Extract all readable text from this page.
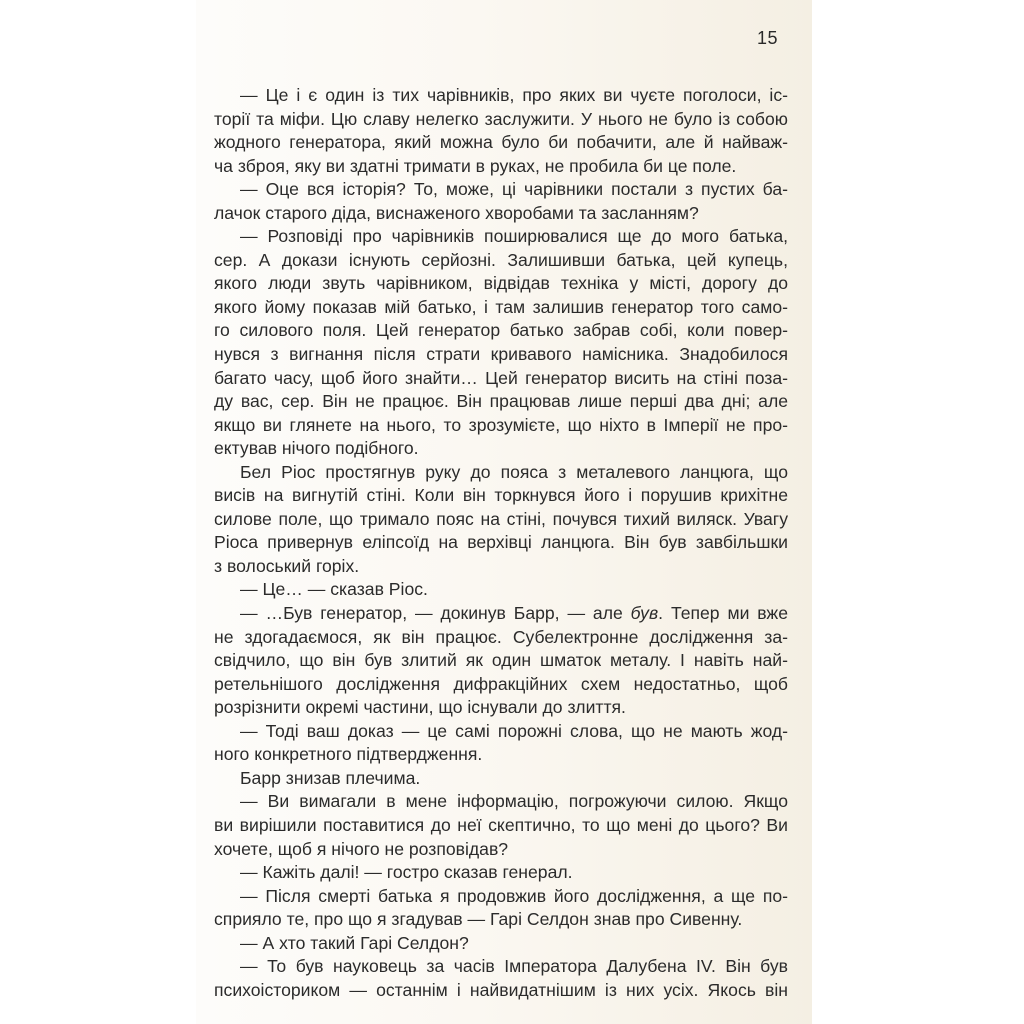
15
— Це і є один із тих чарівників, про яких ви чуєте поголоси, іс-
торії та міфи. Цю славу нелегко заслужити. У нього не було із собою
жодного генератора, який можна було би побачити, але й найваж-
ча зброя, яку ви здатні тримати в руках, не пробила би це поле.
— Оце вся історія? То, може, ці чарівники постали з пустих ба-
лачок старого діда, виснаженого хворобами та засланням?
— Розповіді про чарівників поширювалися ще до мого батька,
сер. А докази існують серйозні. Залишивши батька, цей купець,
якого люди звуть чарівником, відвідав техніка у місті, дорогу до
якого йому показав мій батько, і там залишив генератор того само-
го силового поля. Цей генератор батько забрав собі, коли повер-
нувся з вигнання після страти кривавого намісника. Знадобилося
багато часу, щоб його знайти… Цей генератор висить на стіні поза-
ду вас, сер. Він не працює. Він працював лише перші два дні; але
якщо ви глянете на нього, то зрозумієте, що ніхто в Імперії не про-
ектував нічого подібного.
Бел Ріос простягнув руку до пояса з металевого ланцюга, що
висів на вигнутій стіні. Коли він торкнувся його і порушив крихітне
силове поле, що тримало пояс на стіні, почувся тихий виляск. Увагу
Ріоса привернув еліпсоїд на верхівці ланцюга. Він був завбільшки
з волоський горіх.
— Це… — сказав Ріос.
— …Був генератор, — докинув Барр, — але був. Тепер ми вже
не здогадаємося, як він працює. Субелектронне дослідження за-
свідчило, що він був злитий як один шматок металу. І навіть най-
ретельнішого дослідження дифракційних схем недостатньо, щоб
розрізнити окремі частини, що існували до злиття.
— Тоді ваш доказ — це самі порожні слова, що не мають жод-
ного конкретного підтвердження.
Барр знизав плечима.
— Ви вимагали в мене інформацію, погрожуючи силою. Якщо
ви вирішили поставитися до неї скептично, то що мені до цього? Ви
хочете, щоб я нічого не розповідав?
— Кажіть далі! — гостро сказав генерал.
— Після смерті батька я продовжив його дослідження, а ще по-
сприяло те, про що я згадував — Гарі Селдон знав про Сивенну.
— А хто такий Гарі Селдон?
— То був науковець за часів Імператора Далубена IV. Він був
психоісториком — останнім і найвидатнішим із них усіх. Якось він
